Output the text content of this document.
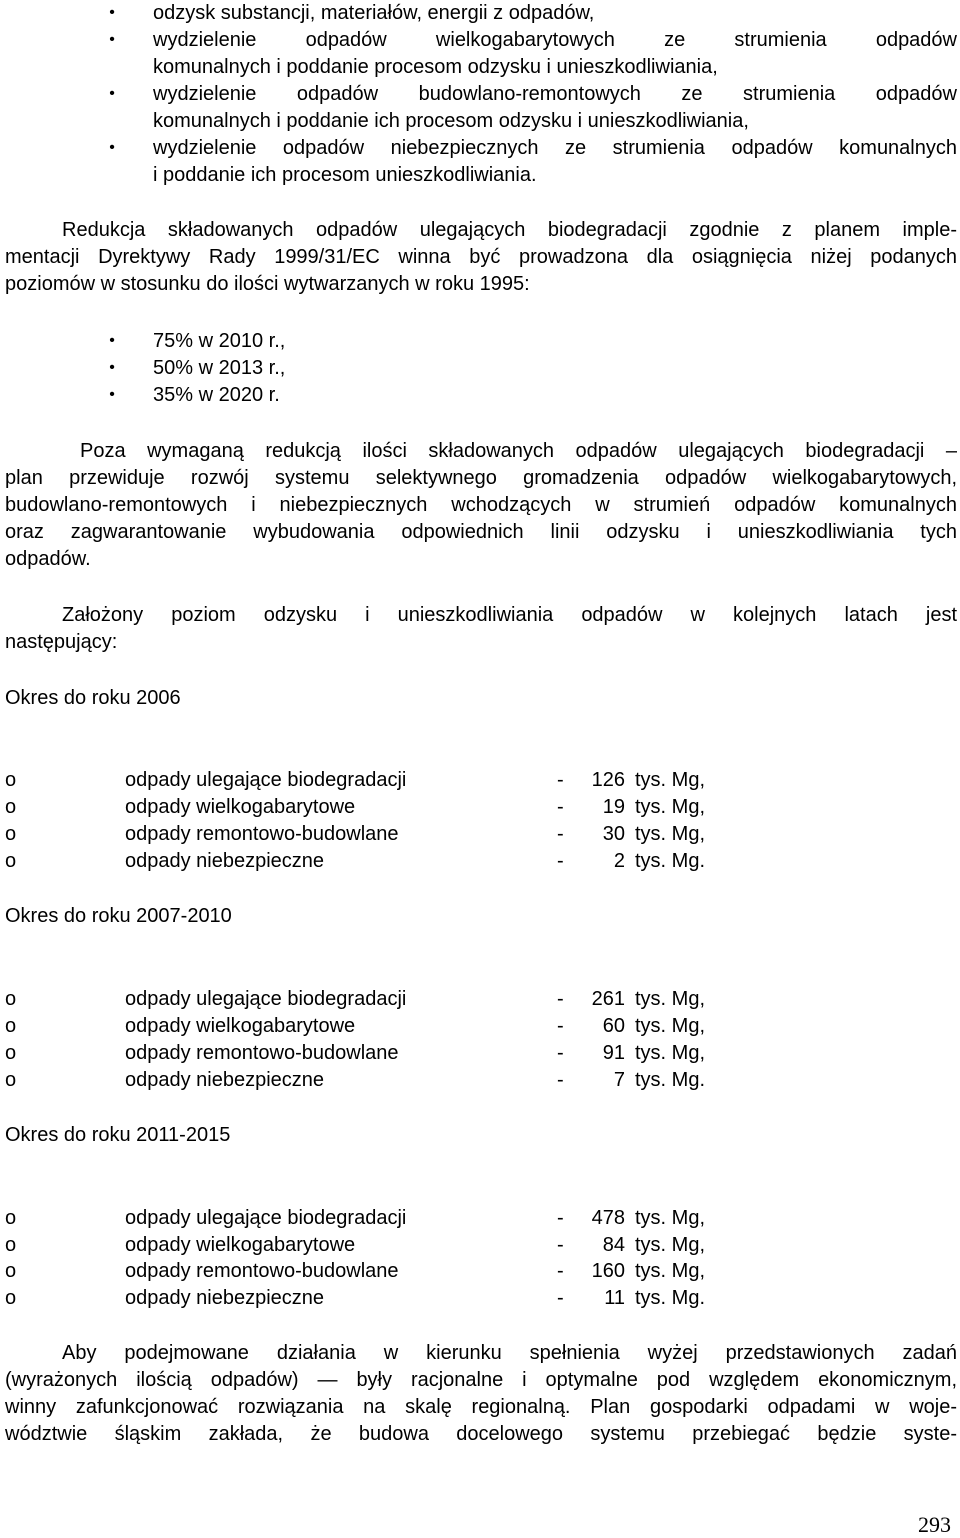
• odzysk substancji, materiałów, energii z odpadów,
• wydzielenie odpadów wielkogabarytowych ze strumienia odpadów
komunalnych i poddanie procesom odzysku i unieszkodliwiania,
• wydzielenie odpadów budowlano-remontowych ze strumienia odpadów
komunalnych i poddanie ich procesom odzysku i unieszkodliwiania,
• wydzielenie odpadów niebezpiecznych ze strumienia odpadów komunalnych
i poddanie ich procesom unieszkodliwiania.
Redukcja składowanych odpadów ulegających biodegradacji zgodnie z planem imple-
mentacji Dyrektywy Rady 1999/31/EC winna być prowadzona dla osiągnięcia niżej podanych
poziomów w stosunku do ilości wytwarzanych w roku 1995:
• 75% w 2010 r.,
• 50% w 2013 r.,
• 35% w 2020 r.
Poza wymaganą redukcją ilości składowanych odpadów ulegających biodegradacji –
plan przewiduje rozwój systemu selektywnego gromadzenia odpadów wielkogabarytowych,
budowlano-remontowych i niebezpiecznych wchodzących w strumień odpadów komunalnych
oraz zagwarantowanie wybudowania odpowiednich linii odzysku i unieszkodliwiania tych
odpadów.
Założony poziom odzysku i unieszkodliwiania odpadów w kolejnych latach jest
następujący:
Okres do roku 2006
o	odpady ulegające biodegradacji	-	126 tys. Mg,
o	odpady wielkogabarytowe	-	19 tys. Mg,
o	odpady remontowo-budowlane	-	30 tys. Mg,
o	odpady niebezpieczne	-	2 tys. Mg.
Okres do roku 2007-2010
o	odpady ulegające biodegradacji	-	261 tys. Mg,
o	odpady wielkogabarytowe	-	60 tys. Mg,
o	odpady remontowo-budowlane	-	91 tys. Mg,
o	odpady niebezpieczne	-	7 tys. Mg.
Okres do roku 2011-2015
o	odpady ulegające biodegradacji	-	478 tys. Mg,
o	odpady wielkogabarytowe	-	84 tys. Mg,
o	odpady remontowo-budowlane	-	160 tys. Mg,
o	odpady niebezpieczne	-	11 tys. Mg.
Aby podejmowane działania w kierunku spełnienia wyżej przedstawionych zadań
(wyrażonych ilością odpadów) — były racjonalne i optymalne pod względem ekonomicznym,
winny zafunkcjonować rozwiązania na skalę regionalną. Plan gospodarki odpadami w woje-
wództwie śląskim zakłada, że budowa docelowego systemu przebiegać będzie syste-
293
